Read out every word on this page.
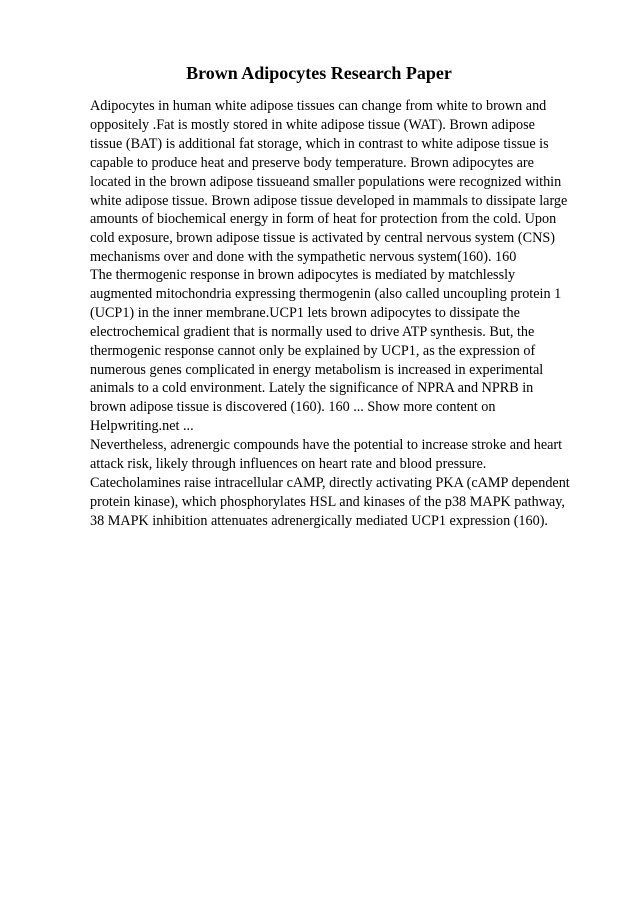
Brown Adipocytes Research Paper
Adipocytes in human white adipose tissues can change from white to brown and
oppositely .Fat is mostly stored in white adipose tissue (WAT). Brown adipose
tissue (BAT) is additional fat storage, which in contrast to white adipose tissue is
capable to produce heat and preserve body temperature. Brown adipocytes are
located in the brown adipose tissueand smaller populations were recognized within
white adipose tissue. Brown adipose tissue developed in mammals to dissipate large
amounts of biochemical energy in form of heat for protection from the cold. Upon
cold exposure, brown adipose tissue is activated by central nervous system (CNS)
mechanisms over and done with the sympathetic nervous system(160). 160
The thermogenic response in brown adipocytes is mediated by matchlessly
augmented mitochondria expressing thermogenin (also called uncoupling protein 1
(UCP1) in the inner membrane.UCP1 lets brown adipocytes to dissipate the
electrochemical gradient that is normally used to drive ATP synthesis. But, the
thermogenic response cannot only be explained by UCP1, as the expression of
numerous genes complicated in energy metabolism is increased in experimental
animals to a cold environment. Lately the significance of NPRA and NPRB in
brown adipose tissue is discovered (160). 160 ... Show more content on
Helpwriting.net ...
Nevertheless, adrenergic compounds have the potential to increase stroke and heart
attack risk, likely through influences on heart rate and blood pressure.
Catecholamines raise intracellular cAMP, directly activating PKA (cAMP dependent
protein kinase), which phosphorylates HSL and kinases of the p38 MAPK pathway,
38 MAPK inhibition attenuates adrenergically mediated UCP1 expression (160).
